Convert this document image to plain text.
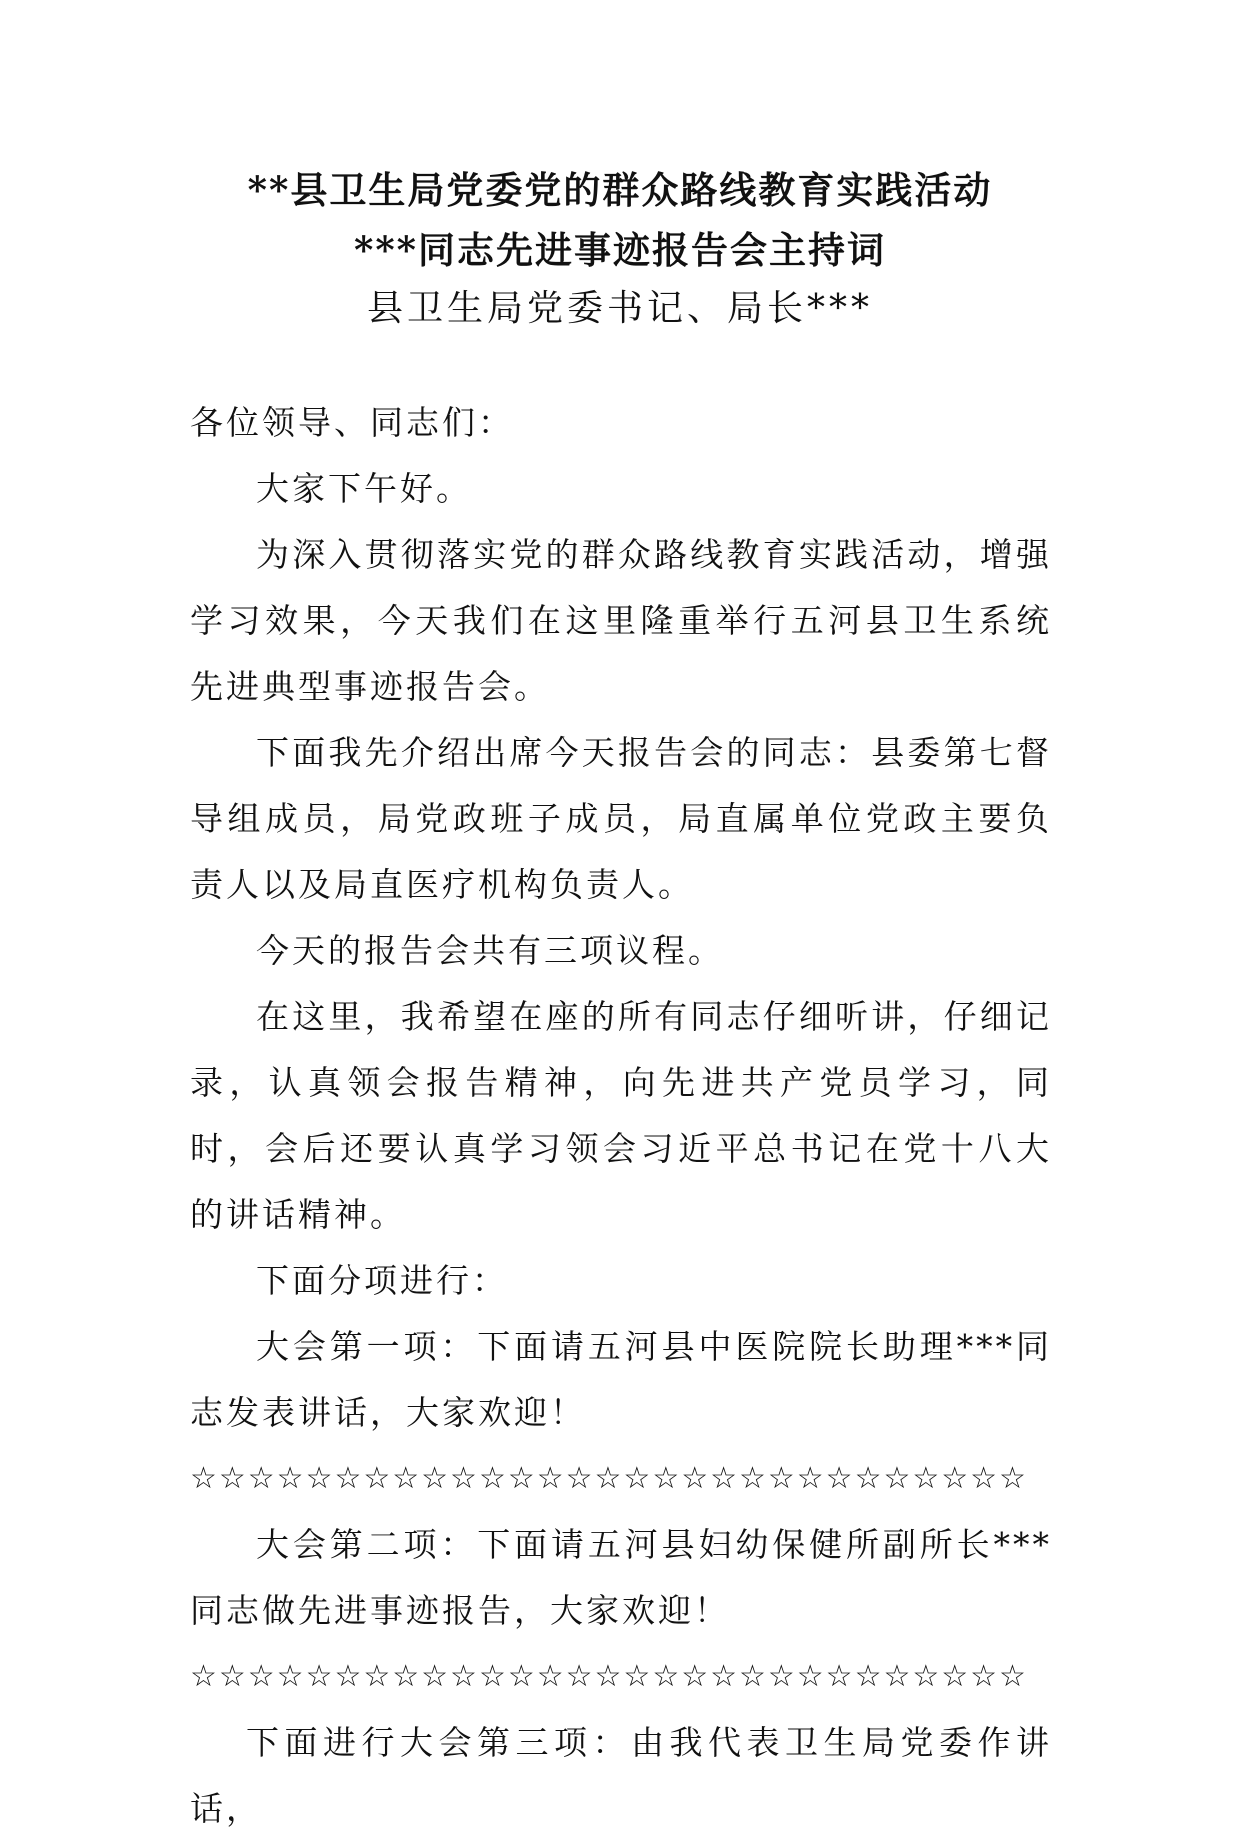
**县卫生局党委党的群众路线教育实践活动
***同志先进事迹报告会主持词
县卫生局党委书记、局长***

各位领导、同志们：

大家下午好。

为深入贯彻落实党的群众路线教育实践活动，增强学习效果，今天我们在这里隆重举行五河县卫生系统先进典型事迹报告会。

下面我先介绍出席今天报告会的同志：县委第七督导组成员，局党政班子成员，局直属单位党政主要负责人以及局直医疗机构负责人。

今天的报告会共有三项议程。

在这里，我希望在座的所有同志仔细听讲，仔细记录，认真领会报告精神，向先进共产党员学习，同时，会后还要认真学习领会习近平总书记在党十八大的讲话精神。

下面分项进行：

大会第一项：下面请五河县中医院院长助理***同志发表讲话，大家欢迎！

☆☆☆☆☆☆☆☆☆☆☆☆☆☆☆☆☆☆☆☆☆☆☆☆☆☆☆☆☆

大会第二项：下面请五河县妇幼保健所副所长***同志做先进事迹报告，大家欢迎！

☆☆☆☆☆☆☆☆☆☆☆☆☆☆☆☆☆☆☆☆☆☆☆☆☆☆☆☆☆

下面进行大会第三项：由我代表卫生局党委作讲话，
